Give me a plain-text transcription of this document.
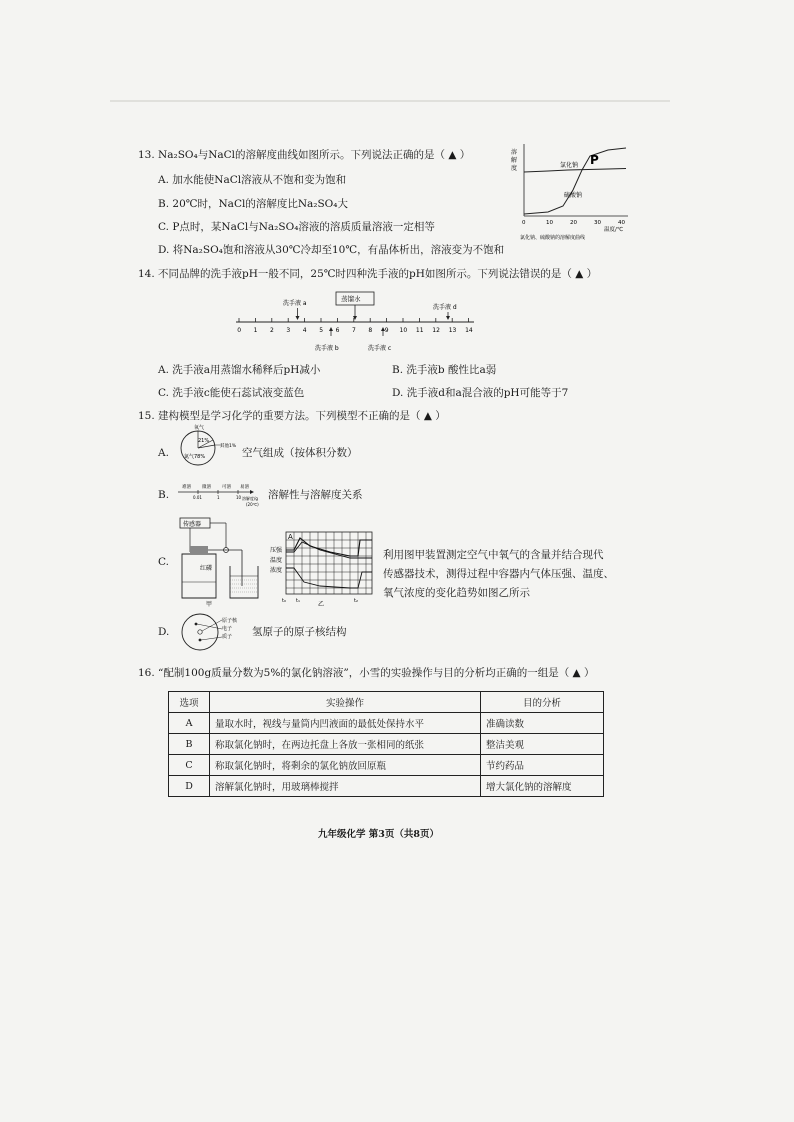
13. Na₂SO₄与NaCl的溶解度曲线如图所示。下列说法正确的是（ ▲ ）
A. 加水能使NaCl溶液从不饱和变为饱和
B. 20℃时，NaCl的溶解度比Na₂SO₄大
C. P点时，某NaCl与Na₂SO₄溶液的溶质质量溶液一定相等
D. 将Na₂SO₄饱和溶液从30℃冷却至10℃，有晶体析出，溶液变为不饱和
溶
解
度	氯化钠
硫酸钠
P
0	10	20	30	40
温度/℃
氯化钠、硫酸钠的溶解度曲线
14. 不同品牌的洗手液pH一般不同，25℃时四种洗手液的pH如图所示。下列说法错误的是（ ▲ ）
0 1 2 3 4 5 6 7 8 9 10 11 12 13 14
洗手液 a
蒸馏水
洗手液 d
洗手液 b	洗手液 c
A. 洗手液a用蒸馏水稀释后pH减小	B. 洗手液b 酸性比a弱
C. 洗手液c能使石蕊试液变蓝色	D. 洗手液d和a混合液的pH可能等于7
15. 建构模型是学习化学的重要方法。下列模型不正确的是（ ▲ ）
A.
氧气
21%
其他1%
氮气78%	空气组成（按体积分数）
B.
难溶 微溶 可溶 易溶
0.01	1	10 溶解度/g
(20℃)
溶解性与溶解度关系
C.
传感器
红磷
甲
压强
温度
浓度
A
t₀ t₁	t₂
乙
利用图甲装置测定空气中氧气的含量并结合现代
传感器技术，测得过程中容器内气体压强、温度、
氧气浓度的变化趋势如图乙所示
D.
原子核
电子
质子 氢原子的原子核结构
16. “配制100g质量分数为5%的氯化钠溶液”，小雪的实验操作与目的分析均正确的一组是（ ▲ ）
选项	实验操作	目的分析
A	量取水时，视线与量筒内凹液面的最低处保持水平	准确读数
B	称取氯化钠时，在两边托盘上各放一张相同的纸张	整洁美观
C	称取氯化钠时，将剩余的氯化钠放回原瓶	节约药品
D	溶解氯化钠时，用玻璃棒搅拌	增大氯化钠的溶解度
九年级化学 第3页（共8页）
